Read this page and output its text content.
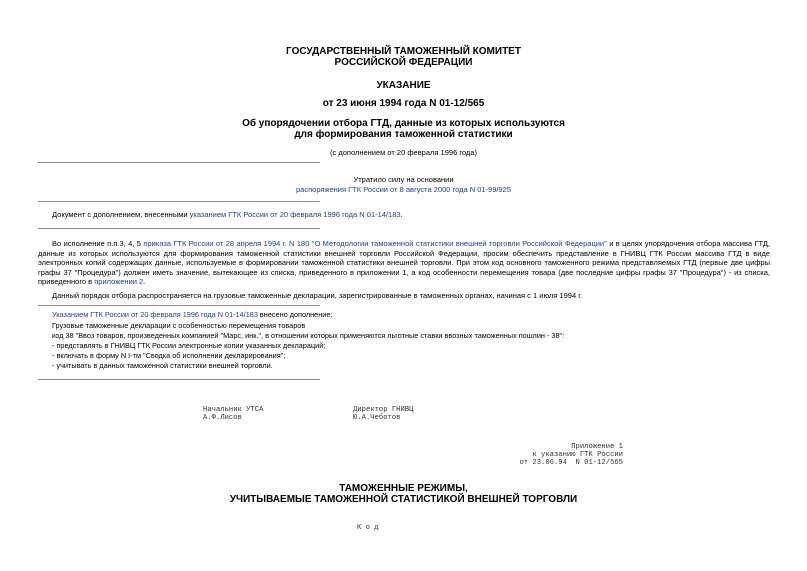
ГОСУДАРСТВЕННЫЙ ТАМОЖЕННЫЙ КОМИТЕТ
РОССИЙСКОЙ ФЕДЕРАЦИИ
УКАЗАНИЕ
от 23 июня 1994 года N 01-12/565
Об упорядочении отбора ГТД, данные из которых используются
для формирования таможенной статистики
(с дополнением от 20 февраля 1996 года)
Утратило силу на основании
распоряжения ГТК России от 8 августа 2000 года N 01-99/925
Документ с дополнением, внесенными указанием ГТК России от 20 февраля 1996 года N 01-14/183.
Во исполнение п.п.3, 4, 5 приказа ГТК России от 28 апреля 1994 г. N 180 "О Методологии таможенной статистики внешней торговли Российской Федерации" и в целях упорядочения отбора массива ГТД, данные из которых используются для формирования таможенной статистики внешней торговли Российской Федерации, просим обеспечить представление в ГНИВЦ ГТК России массива ГТД в виде электронных копий содержащих данные, используемые в формировании таможенной статистики внешней торговли. При этом код основного таможенного режима представляемых ГТД (первые две цифры графы 37 "Процедура") должен иметь значение, вытекающее из списка, приведенного в приложении 1, а код особенности перемещения товара (две последние цифры графы 37 "Процедура") - из списка, приведенного в приложении 2.
Данный порядок отбора распространяется на грузовые таможенные декларации, зарегистрированные в таможенных органах, начиная с 1 июля 1994 г.
Указанием ГТК России от 20 февраля 1996 года N 01-14/183 внесено дополнение:
Грузовые таможенные декларации с особенностью перемещения товаров
код 38 "Ввоз товаров, произведенных компанией "Марс, инк.", в отношении которых применяются льготные ставки ввозных таможенных пошлин - 38":
- представлять в ГНИВЦ ГТК России электронные копии указанных деклараций;
- включать в форму N I-тм "Сводка об исполнении декларирования";
- учитывать в данных таможенной статистики внешней торговли.
Начальник УТСА
А.Ф.Лисов
Директор ГНИВЦ
Ю.А.Чеботов
Приложение 1
к указанию ГТК России
от 23.06.94  N 01-12/565
ТАМОЖЕННЫЕ РЕЖИМЫ,
УЧИТЫВАЕМЫЕ ТАМОЖЕННОЙ СТАТИСТИКОЙ ВНЕШНЕЙ ТОРГОВЛИ
К о д
